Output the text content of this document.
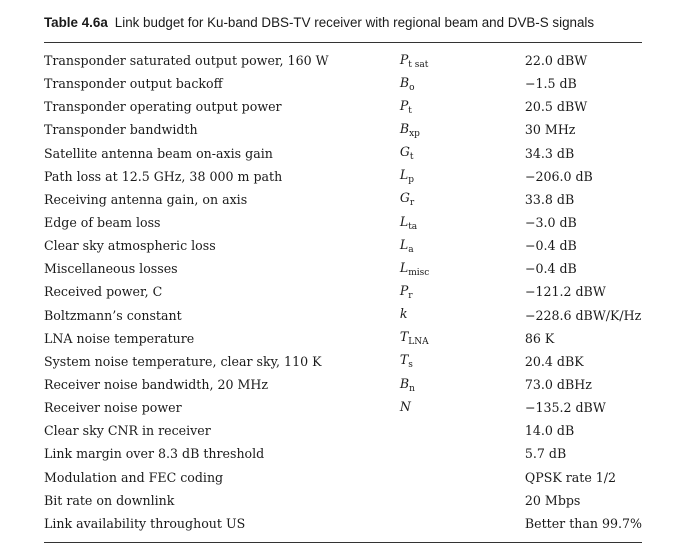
Table 4.6a Link budget for Ku-band DBS-TV receiver with regional beam and DVB-S signals
Transponder saturated output power, 160 W	$P_{t sat}$	22.0 dBW
Transponder output backoff	$B_o$	−1.5 dB
Transponder operating output power	$P_t$	20.5 dBW
Transponder bandwidth	$B_{xp}$	30 MHz
Satellite antenna beam on-axis gain	$G_t$	34.3 dB
Path loss at 12.5 GHz, 38 000 m path	$L_p$	−206.0 dB
Receiving antenna gain, on axis	$G_r$	33.8 dB
Edge of beam loss	$L_{ta}$	−3.0 dB
Clear sky atmospheric loss	$L_a$	−0.4 dB
Miscellaneous losses	$L_{misc}$	−0.4 dB
Received power, C	$P_r$	−121.2 dBW
Boltzmann’s constant	k	−228.6 dBW/K/Hz
LNA noise temperature	$T_{LNA}$	86 K
System noise temperature, clear sky, 110 K	$T_s$	20.4 dBK
Receiver noise bandwidth, 20 MHz	$B_n$	73.0 dBHz
Receiver noise power	N	−135.2 dBW
Clear sky CNR in receiver		14.0 dB
Link margin over 8.3 dB threshold		5.7 dB
Modulation and FEC coding		QPSK rate 1/2
Bit rate on downlink		20 Mbps
Link availability throughout US		Better than 99.7%
